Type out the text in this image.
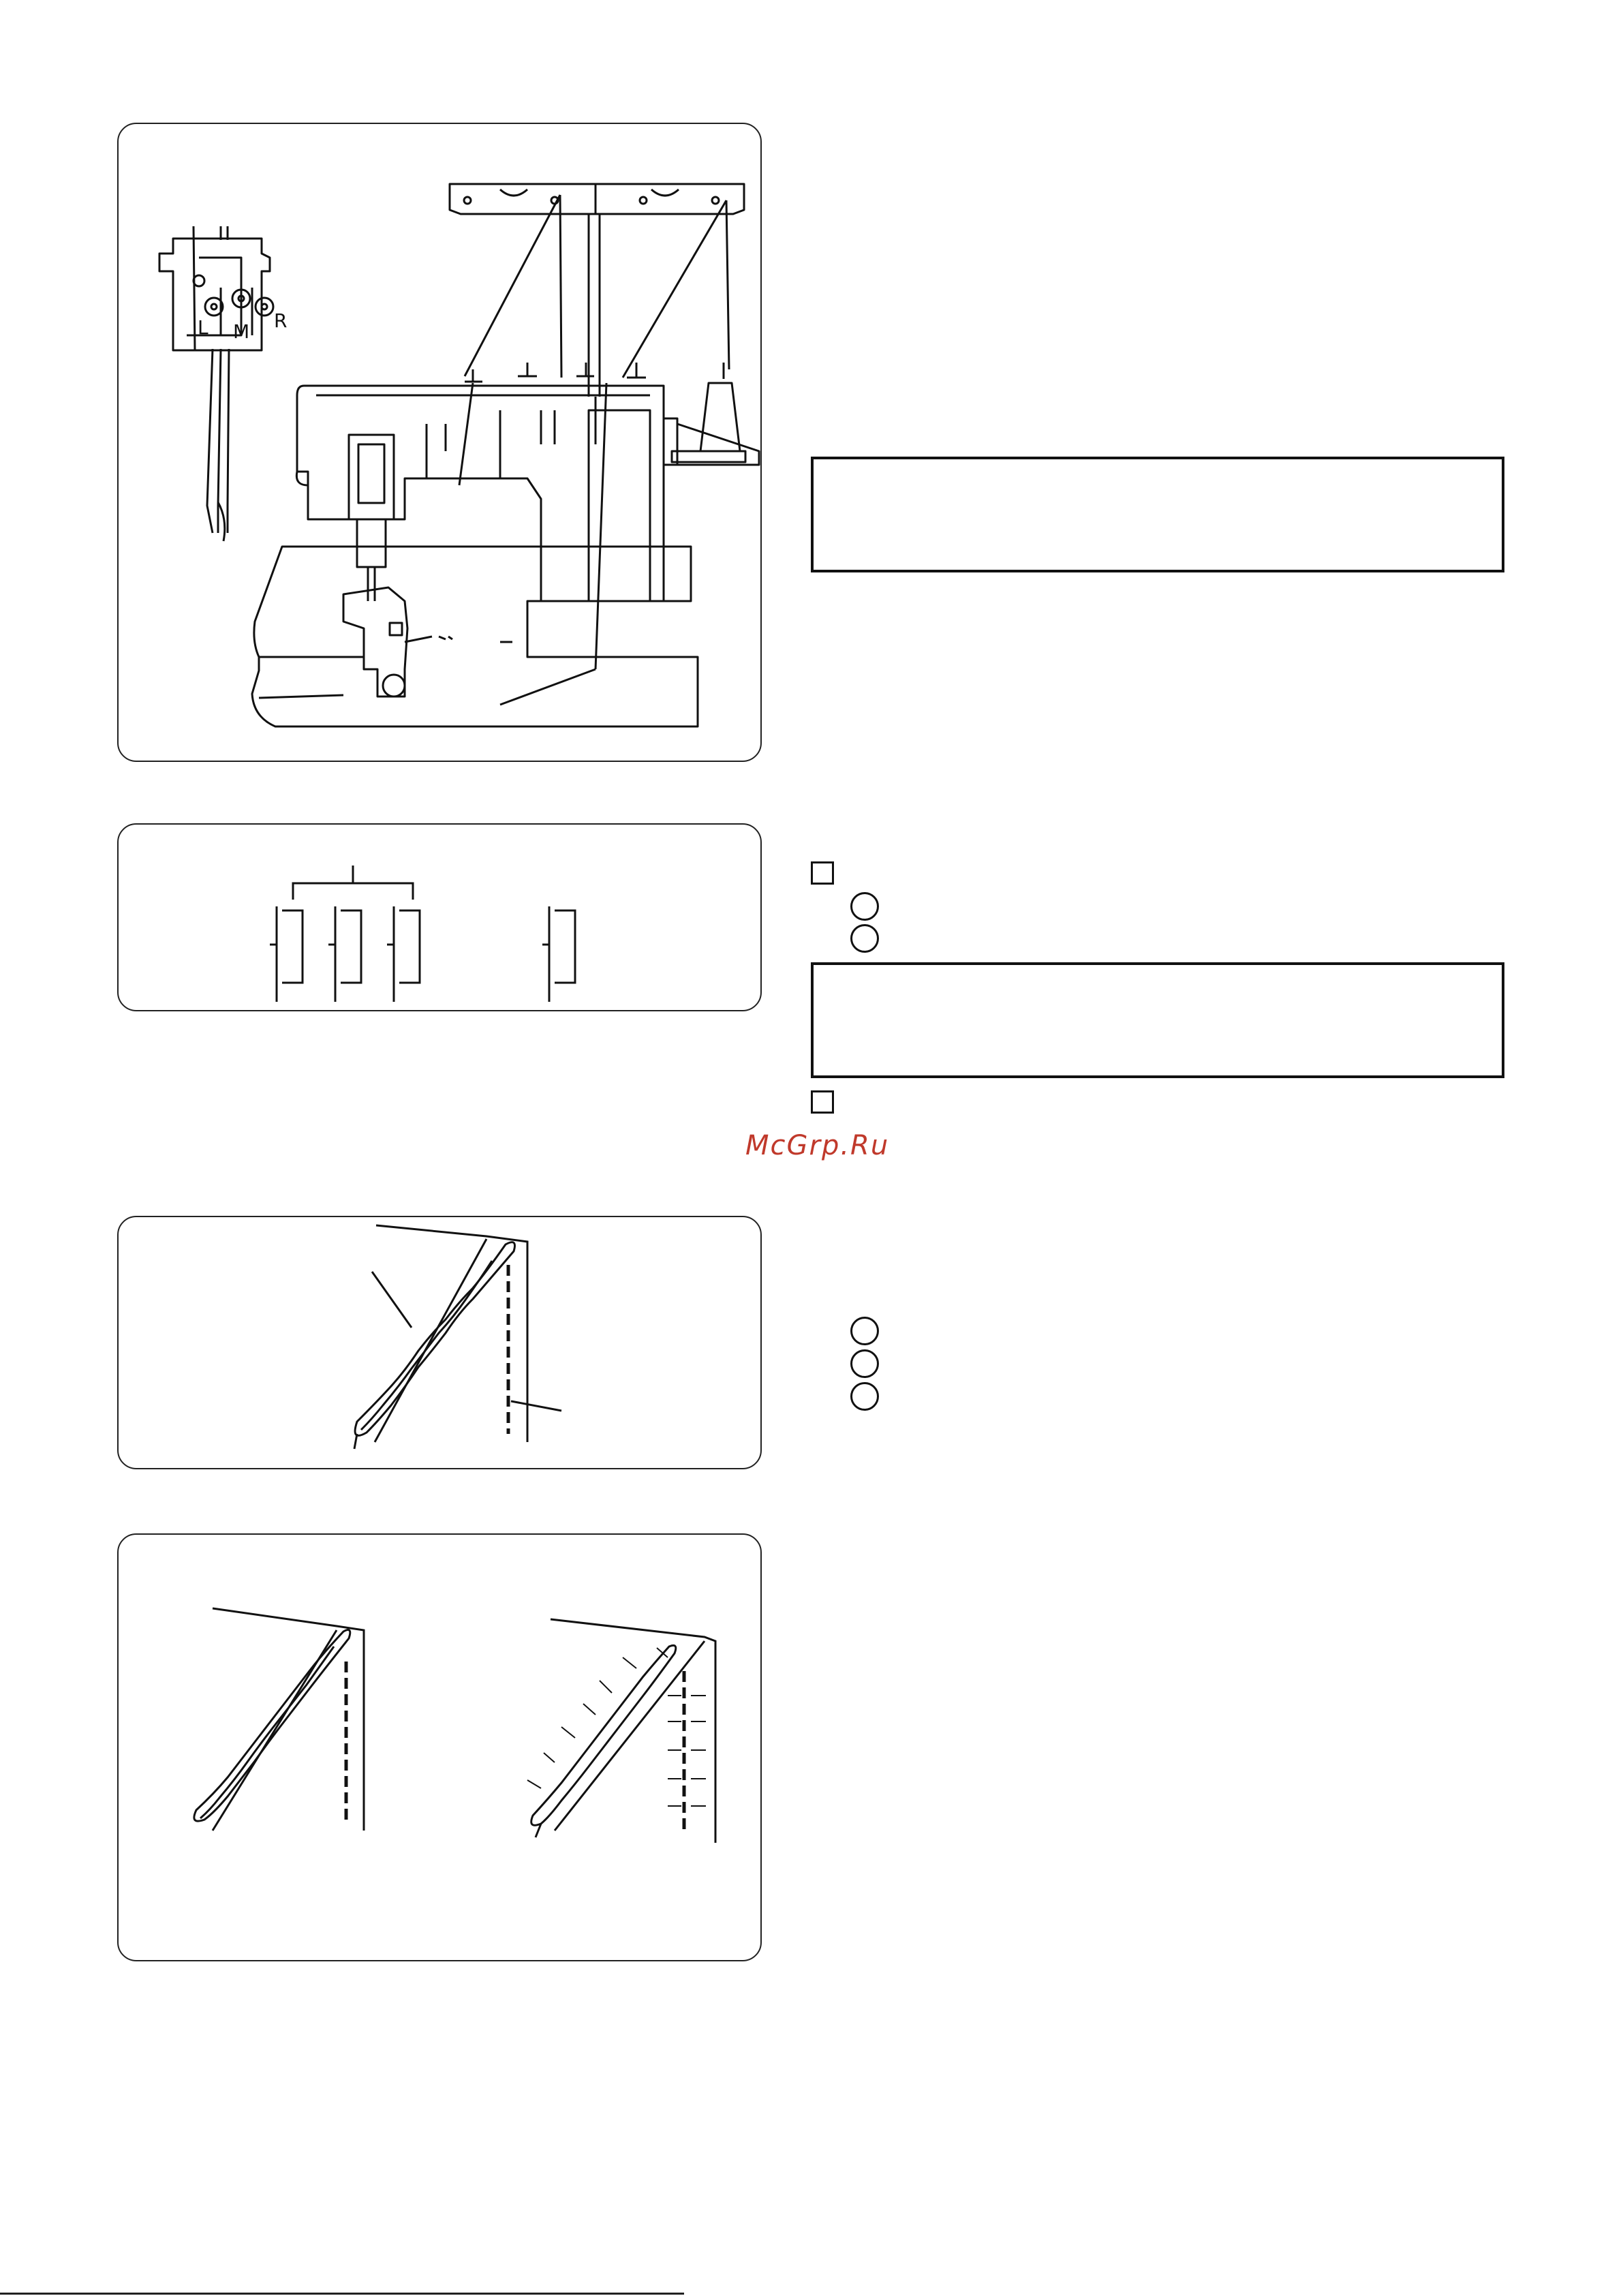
L M R
McGrp.Ru
